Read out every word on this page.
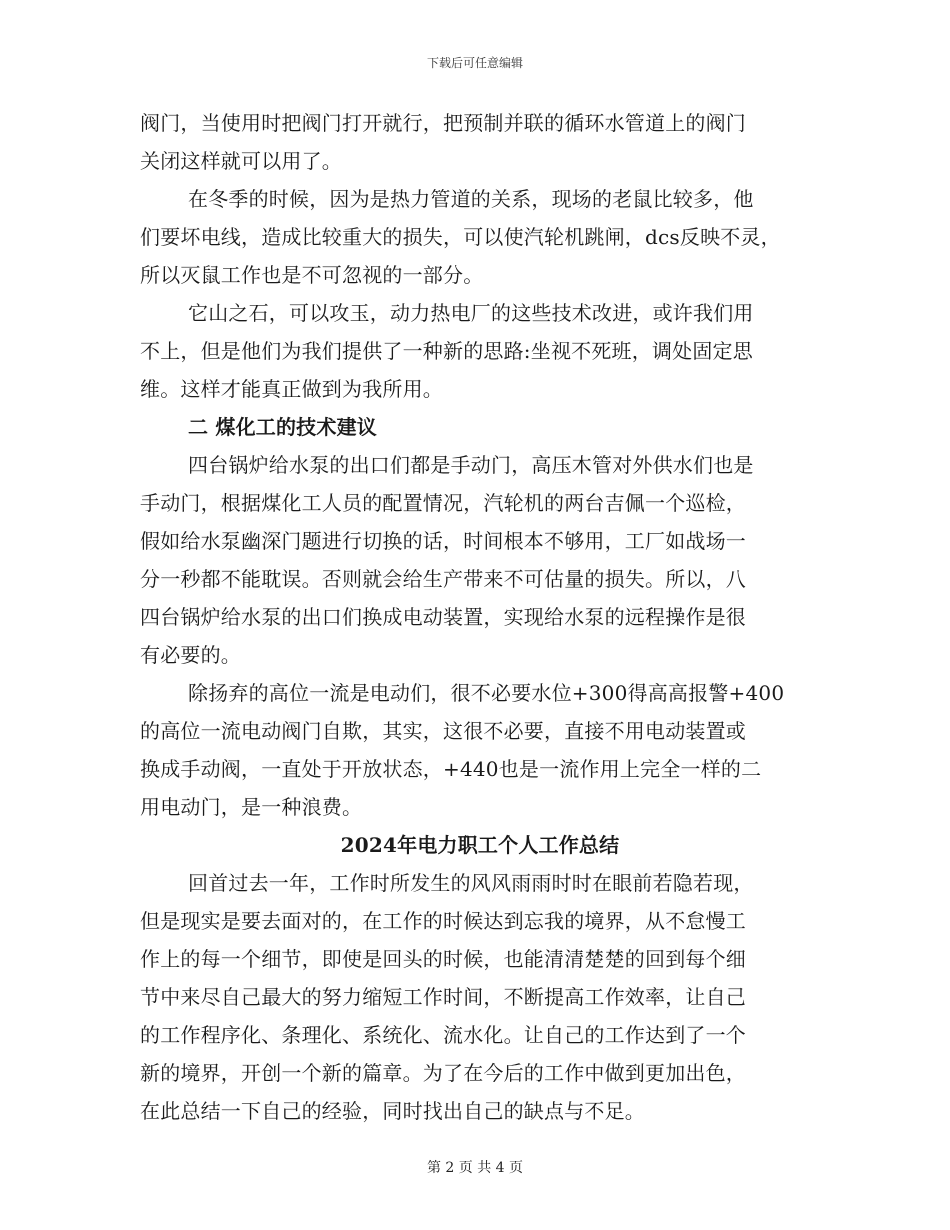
下载后可任意编辑
阀门，当使用时把阀门打开就行，把预制并联的循环水管道上的阀门
关闭这样就可以用了。
在冬季的时候，因为是热力管道的关系，现场的老鼠比较多，他
们要坏电线，造成比较重大的损失，可以使汽轮机跳闸，dcs反映不灵，
所以灭鼠工作也是不可忽视的一部分。
它山之石，可以攻玉，动力热电厂的这些技术改进，或许我们用
不上，但是他们为我们提供了一种新的思路:坐视不死班，调处固定思
维。这样才能真正做到为我所用。
二 煤化工的技术建议
四台锅炉给水泵的出口们都是手动门，高压木管对外供水们也是
手动门，根据煤化工人员的配置情况，汽轮机的两台吉佩一个巡检，
假如给水泵幽深门题进行切换的话，时间根本不够用，工厂如战场一
分一秒都不能耽误。否则就会给生产带来不可估量的损失。所以，八
四台锅炉给水泵的出口们换成电动装置，实现给水泵的远程操作是很
有必要的。
除扬弃的高位一流是电动们，很不必要水位+300得高高报警+400
的高位一流电动阀门自欺，其实，这很不必要，直接不用电动装置或
换成手动阀，一直处于开放状态，+440也是一流作用上完全一样的二
用电动门，是一种浪费。
2024年电力职工个人工作总结
回首过去一年，工作时所发生的风风雨雨时时在眼前若隐若现，
但是现实是要去面对的，在工作的时候达到忘我的境界，从不怠慢工
作上的每一个细节，即使是回头的时候，也能清清楚楚的回到每个细
节中来尽自己最大的努力缩短工作时间，不断提高工作效率，让自己
的工作程序化、条理化、系统化、流水化。让自己的工作达到了一个
新的境界，开创一个新的篇章。为了在今后的工作中做到更加出色，
在此总结一下自己的经验，同时找出自己的缺点与不足。
第 2 页 共 4 页
